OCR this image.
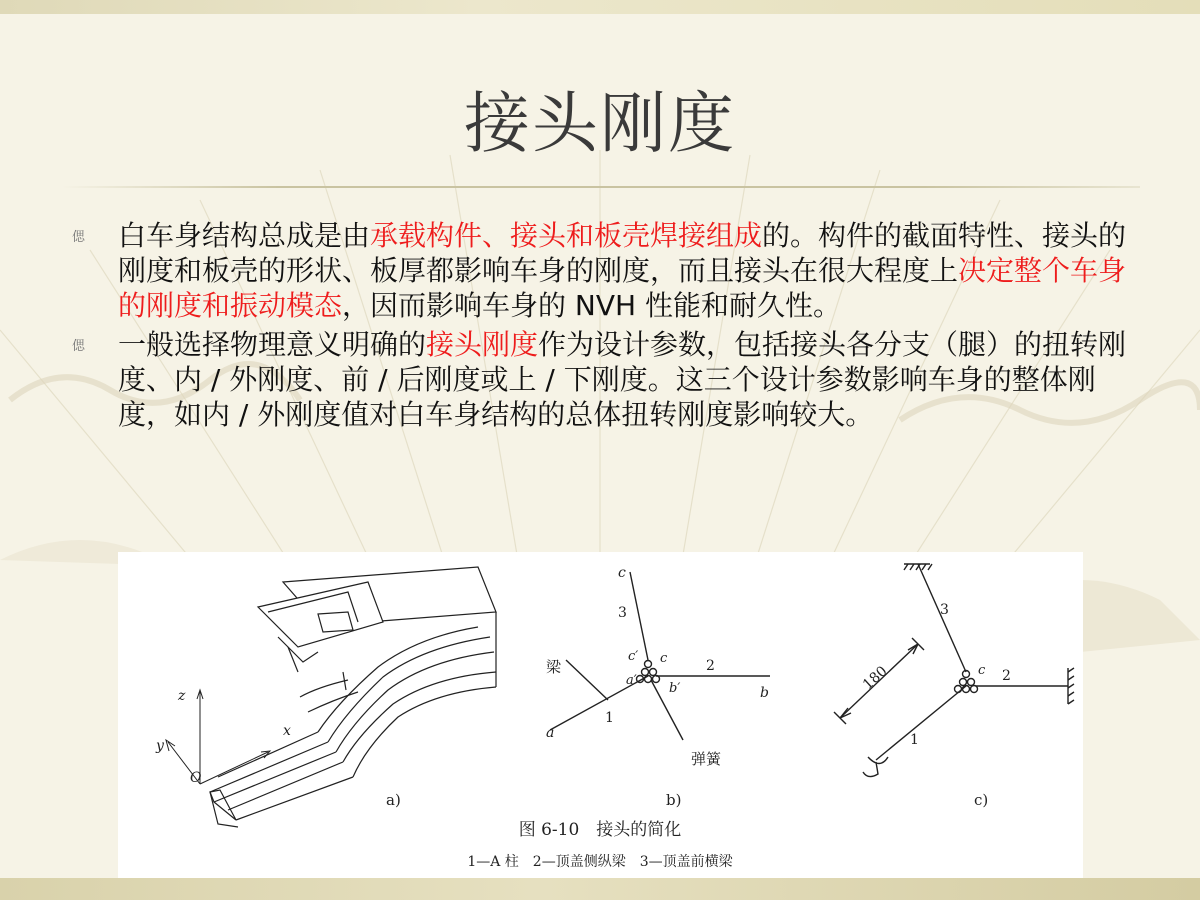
接头刚度
偲 白车身结构总成是由承载构件、接头和板壳焊接组成的。构件的截面特性、接头的刚度和板壳的形状、板厚都影响车身的刚度，而且接头在很大程度上决定整个车身的刚度和振动模态，因而影响车身的 NVH 性能和耐久性。
偲 一般选择物理意义明确的接头刚度作为设计参数，包括接头各分支（腿）的扭转刚度、内 / 外刚度、前 / 后刚度或上 / 下刚度。这三个设计参数影响车身的整体刚度，如内 / 外刚度值对白车身结构的总体扭转刚度影响较大。
z
y
x
O
a)
c
3
c′ c
a′
b′
2
b
梁
1
a
弹簧
b)
3
c 2
1
180
c)
图 6-10　接头的简化
1—A 柱　2—顶盖侧纵梁　3—顶盖前横梁
